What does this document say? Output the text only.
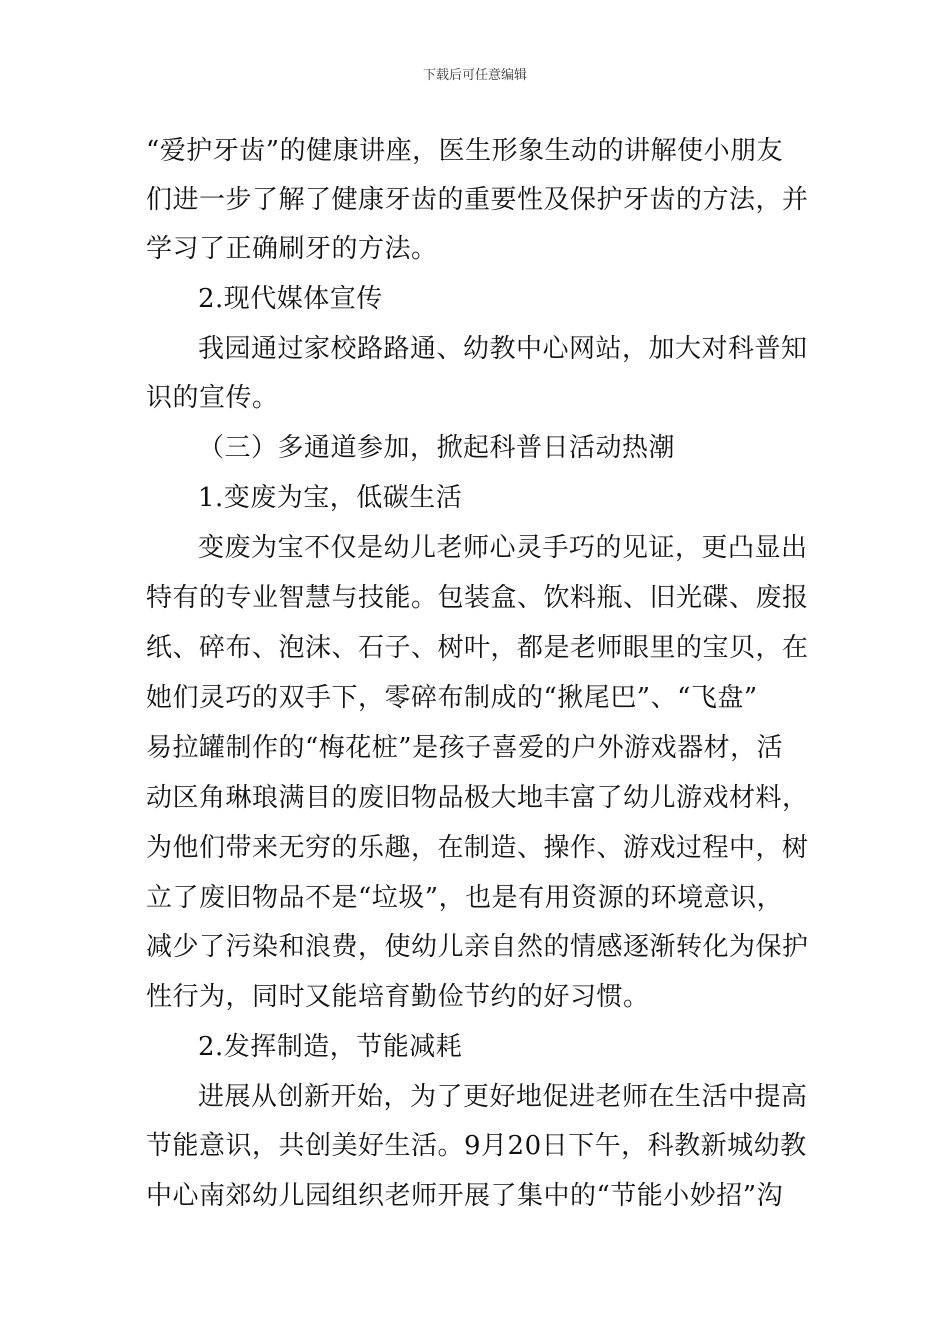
下载后可任意编辑
“爱护牙齿”的健康讲座，医生形象生动的讲解使小朋友
们进一步了解了健康牙齿的重要性及保护牙齿的方法，并
学习了正确刷牙的方法。
2.现代媒体宣传
我园通过家校路路通、幼教中心网站，加大对科普知
识的宣传。
（三）多通道参加，掀起科普日活动热潮
1.变废为宝，低碳生活
变废为宝不仅是幼儿老师心灵手巧的见证，更凸显出
特有的专业智慧与技能。包装盒、饮料瓶、旧光碟、废报
纸、碎布、泡沫、石子、树叶，都是老师眼里的宝贝，在
她们灵巧的双手下，零碎布制成的“揪尾巴”、“飞盘”
易拉罐制作的“梅花桩”是孩子喜爱的户外游戏器材，活
动区角琳琅满目的废旧物品极大地丰富了幼儿游戏材料，
为他们带来无穷的乐趣，在制造、操作、游戏过程中，树
立了废旧物品不是“垃圾”，也是有用资源的环境意识，
减少了污染和浪费，使幼儿亲自然的情感逐渐转化为保护
性行为，同时又能培育勤俭节约的好习惯。
2.发挥制造，节能减耗
进展从创新开始，为了更好地促进老师在生活中提高
节能意识，共创美好生活。9月20日下午，科教新城幼教
中心南郊幼儿园组织老师开展了集中的“节能小妙招”沟
